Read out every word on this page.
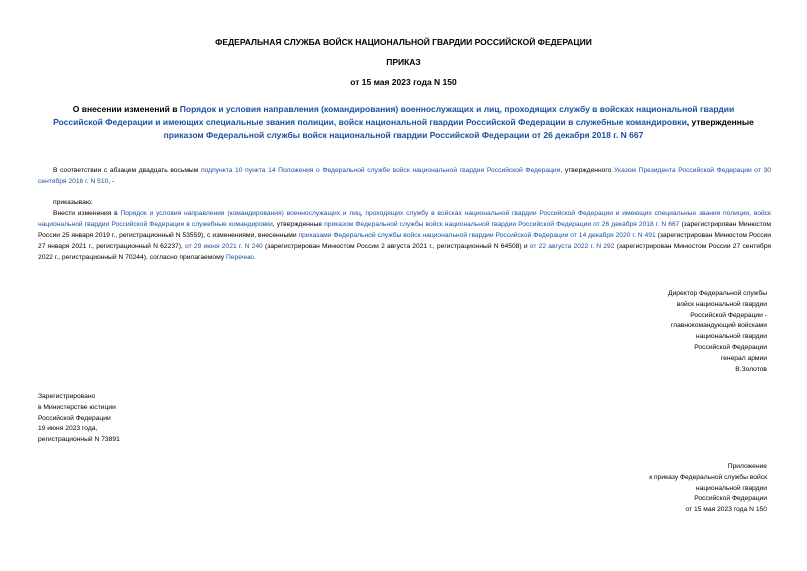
ФЕДЕРАЛЬНАЯ СЛУЖБА ВОЙСК НАЦИОНАЛЬНОЙ ГВАРДИИ РОССИЙСКОЙ ФЕДЕРАЦИИ
ПРИКАЗ
от 15 мая 2023 года N 150
О внесении изменений в Порядок и условия направления (командирования) военнослужащих и лиц, проходящих службу в войсках национальной гвардии Российской Федерации и имеющих специальные звания полиции, войск национальной гвардии Российской Федерации в служебные командировки, утвержденные приказом Федеральной службы войск национальной гвардии Российской Федерации от 26 декабря 2018 г. N 667
В соответствии с абзацем двадцать восьмым подпункта 10 пункта 14 Положения о Федеральной службе войск национальной гвардии Российской Федерации, утвержденного Указом Президента Российской Федерации от 30 сентября 2016 г. N 510, -
приказываю:
Внести изменения в Порядок и условия направления (командирования) военнослужащих и лиц, проходящих службу в войсках национальной гвардии Российской Федерации и имеющих специальные звания полиции, войск национальной гвардии Российской Федерации в служебные командировки, утвержденные приказом Федеральной службы войск национальной гвардии Российской Федерации от 26 декабря 2018 г. N 667 (зарегистрирован Минюстом России 25 января 2019 г., регистрационный N 53559), с изменениями, внесенными приказами Федеральной службы войск национальной гвардии Российской Федерации от 14 декабря 2020 г. N 491 (зарегистрирован Минюстом России 27 января 2021 г., регистрационный N 62237), от 29 июня 2021 г. N 240 (зарегистрирован Минюстом России 2 августа 2021 г., регистрационный N 64508) и от 22 августа 2022 г. N 292 (зарегистрирован Минюстом России 27 сентября 2022 г., регистрационный N 70244), согласно прилагаемому Перечню.
Директор Федеральной службы
войск национальной гвардии
Российской Федерации -
главнокомандующий войсками
национальной гвардии
Российской Федерации
генерал армии
В.Золотов
Зарегистрировано
в Министерстве юстиции
Российской Федерации
19 июня 2023 года,
регистрационный N 73891
Приложение
к приказу Федеральной службы войск
национальной гвардии
Российской Федерации
от 15 мая 2023 года N 150
